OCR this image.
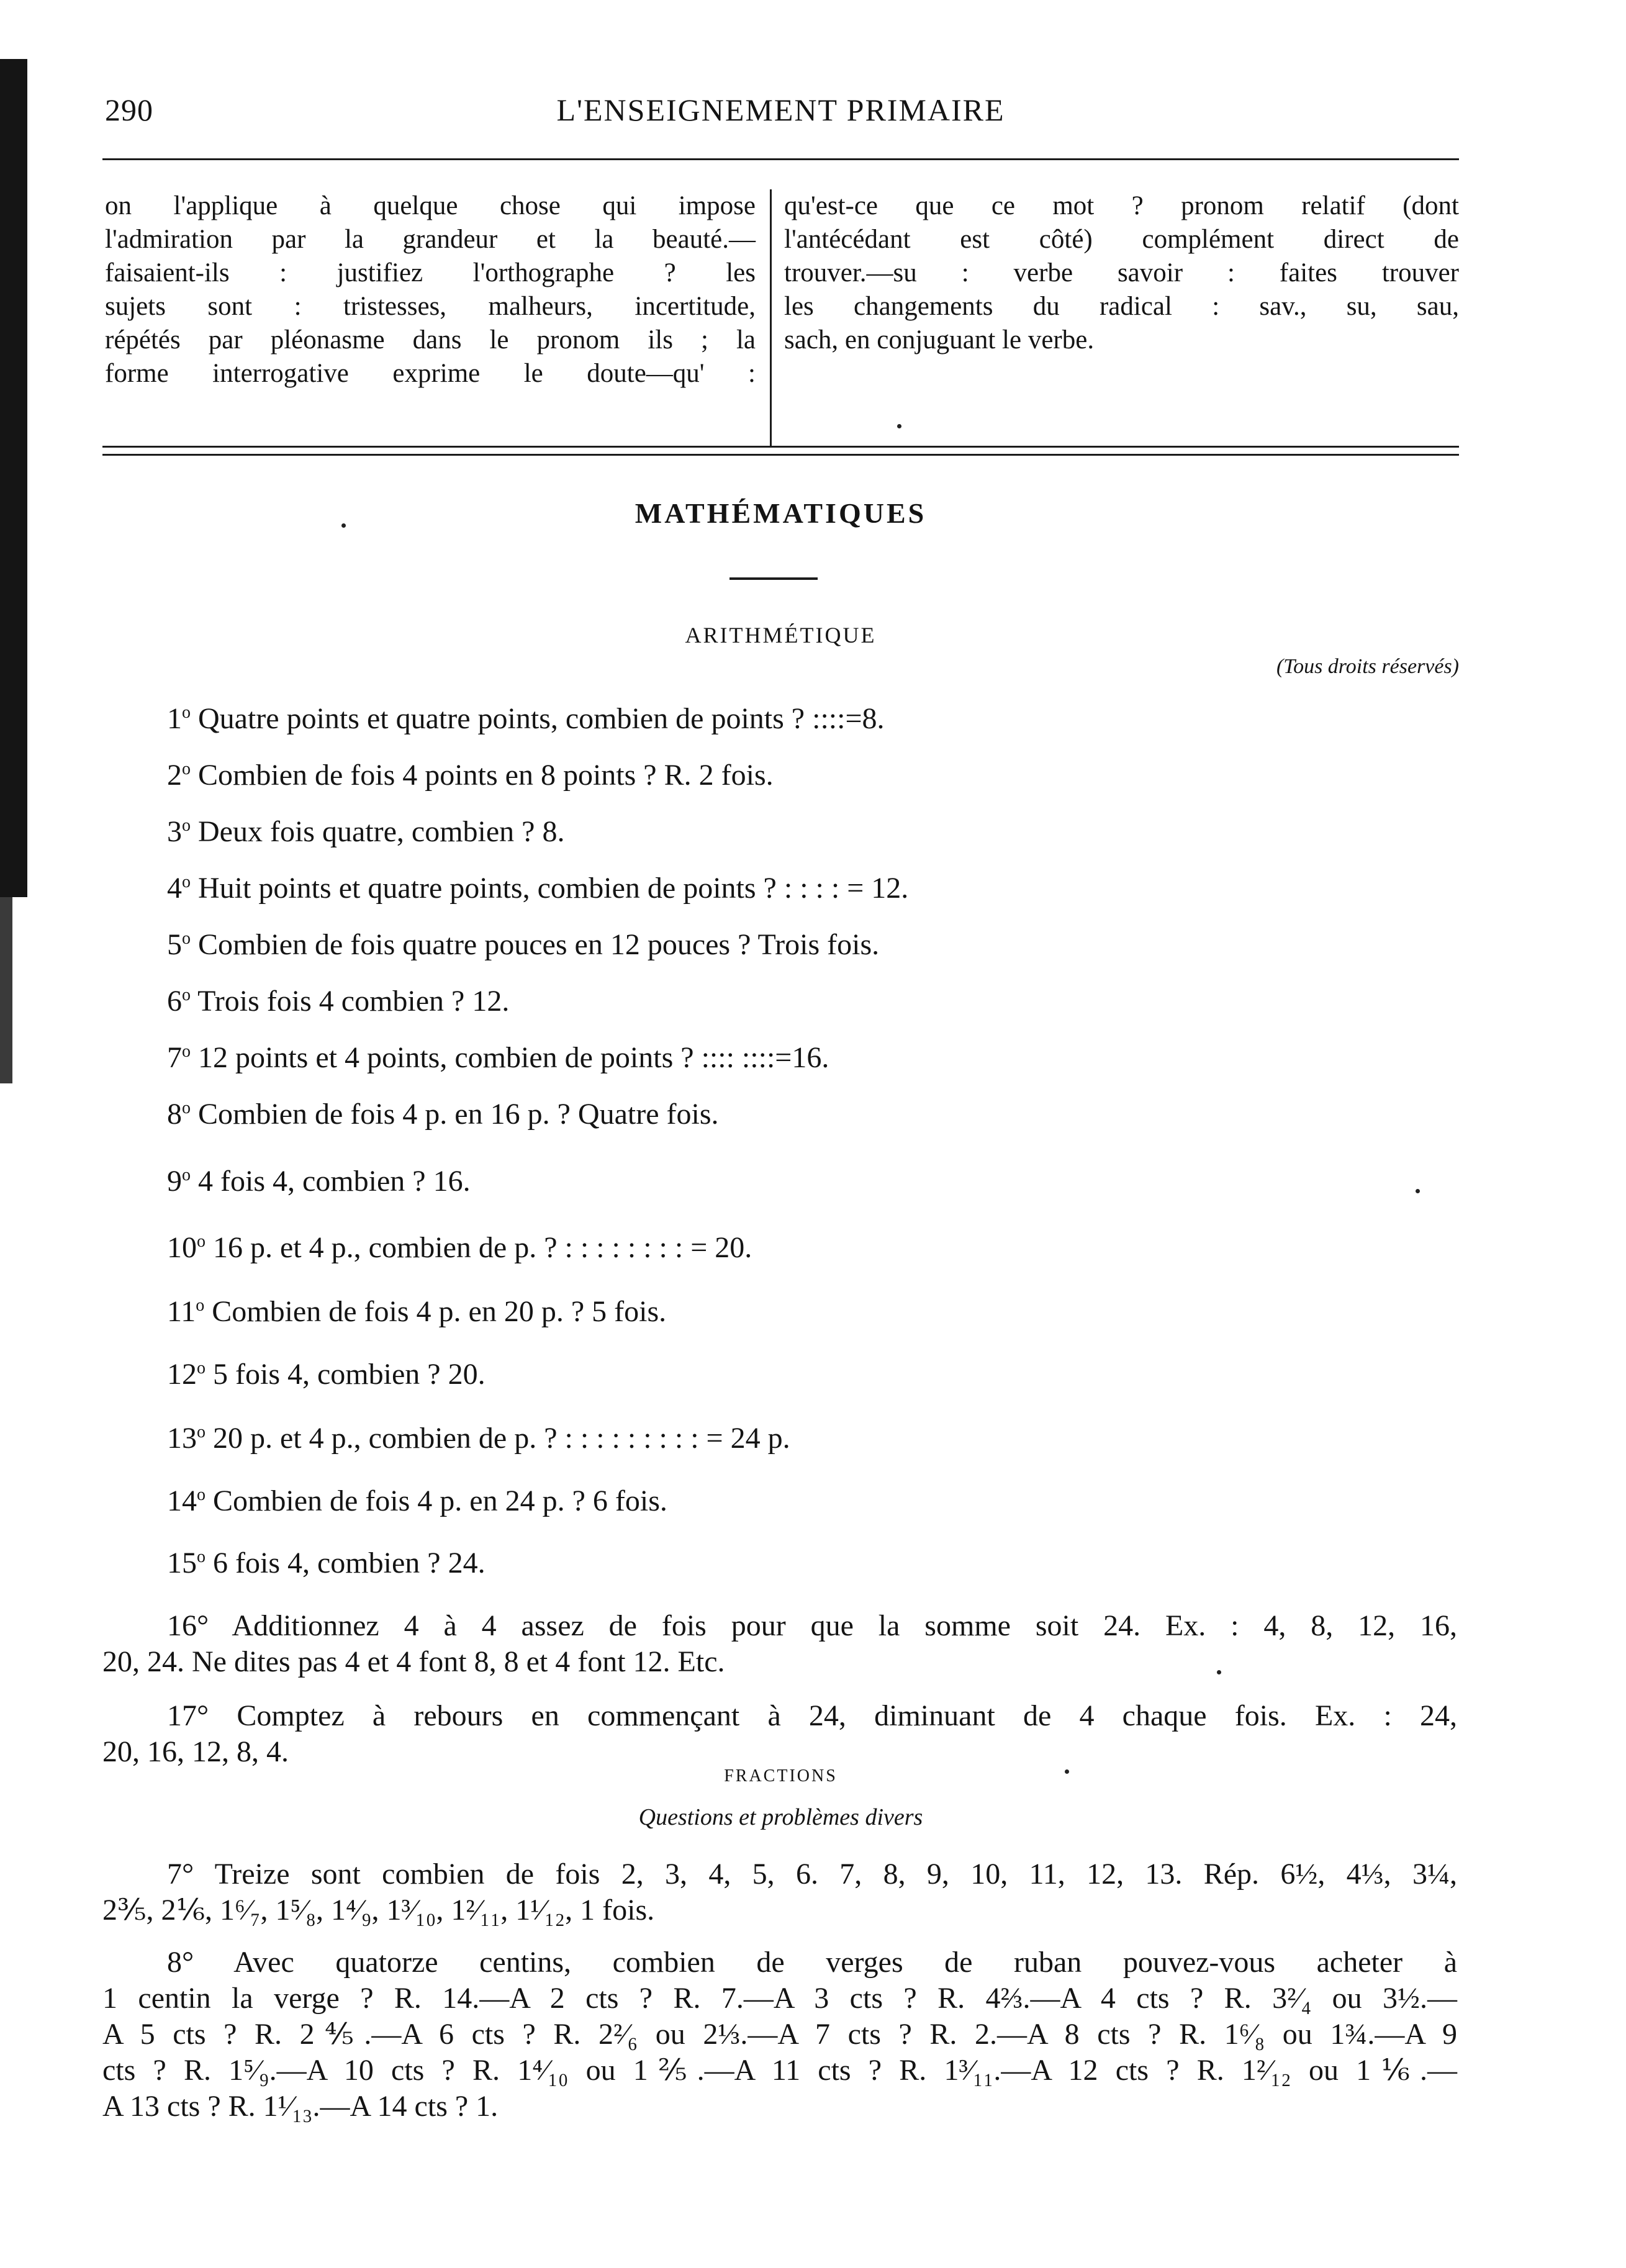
290	L'ENSEIGNEMENT PRIMAIRE
on l'applique à quelque chose qui impose
l'admiration par la grandeur et la beauté.—
faisaient-ils : justifiez l'orthographe ? les
sujets sont : tristesses, malheurs, incertitude,
répétés par pléonasme dans le pronom ils ; la
forme interrogative exprime le doute—qu' :
qu'est-ce que ce mot ? pronom relatif (dont
l'antécédant est côté) complément direct de
trouver.—su : verbe savoir : faites trouver
les changements du radical : sav., su, sau,
sach, en conjuguant le verbe.
MATHÉMATIQUES
ARITHMÉTIQUE
(Tous droits réservés)
1$^o$ Quatre points et quatre points, combien de points ? ::::=8.
2$^o$ Combien de fois 4 points en 8 points ? R. 2 fois.
3$^o$ Deux fois quatre, combien ? 8.
4$^o$ Huit points et quatre points, combien de points ? : : : : = 12.
5$^o$ Combien de fois quatre pouces en 12 pouces ? Trois fois.
6$^o$ Trois fois 4 combien ? 12.
7$^o$ 12 points et 4 points, combien de points ? :::: ::::=16.
8$^o$ Combien de fois 4 p. en 16 p. ? Quatre fois.
9$^o$ 4 fois 4, combien ? 16.
10$^o$ 16 p. et 4 p., combien de p. ? : : : : : : : : = 20.
11$^o$ Combien de fois 4 p. en 20 p. ? 5 fois.
12$^o$ 5 fois 4, combien ? 20.
13$^o$ 20 p. et 4 p., combien de p. ? : : : : : : : : : = 24 p.
14$^o$ Combien de fois 4 p. en 24 p. ? 6 fois.
15$^o$ 6 fois 4, combien ? 24.
16° Additionnez 4 à 4 assez de fois pour que la somme soit 24. Ex. : 4, 8, 12, 16,
20, 24. Ne dites pas 4 et 4 font 8, 8 et 4 font 12. Etc.
17° Comptez à rebours en commençant à 24, diminuant de 4 chaque fois. Ex. : 24,
20, 16, 12, 8, 4.
FRACTIONS
Questions et problèmes divers
7° Treize sont combien de fois 2, 3, 4, 5, 6. 7, 8, 9, 10, 11, 12, 13. Rép. 6½, 4⅓, 3¼,
2⅗, 2⅙, 1⁶⁄₇, 1⁵⁄₈, 1⁴⁄₉, 1³⁄₁₀, 1²⁄₁₁, 1¹⁄₁₂, 1 fois.
8° Avec quatorze centins, combien de verges de ruban pouvez-vous acheter à
1 centin la verge ? R. 14.—A 2 cts ? R. 7.—A 3 cts ? R. 4⅔.—A 4 cts ? R. 3²⁄₄ ou 3½.—
A 5 cts ? R. 2⅘.—A 6 cts ? R. 2²⁄₆ ou 2⅓.—A 7 cts ? R. 2.—A 8 cts ? R. 1⁶⁄₈ ou 1¾.—A 9
cts ? R. 1⁵⁄₉.—A 10 cts ? R. 1⁴⁄₁₀ ou 1⅖.—A 11 cts ? R. 1³⁄₁₁.—A 12 cts ? R. 1²⁄₁₂ ou 1⅙.—
A 13 cts ? R. 1¹⁄₁₃.—A 14 cts ? 1.
